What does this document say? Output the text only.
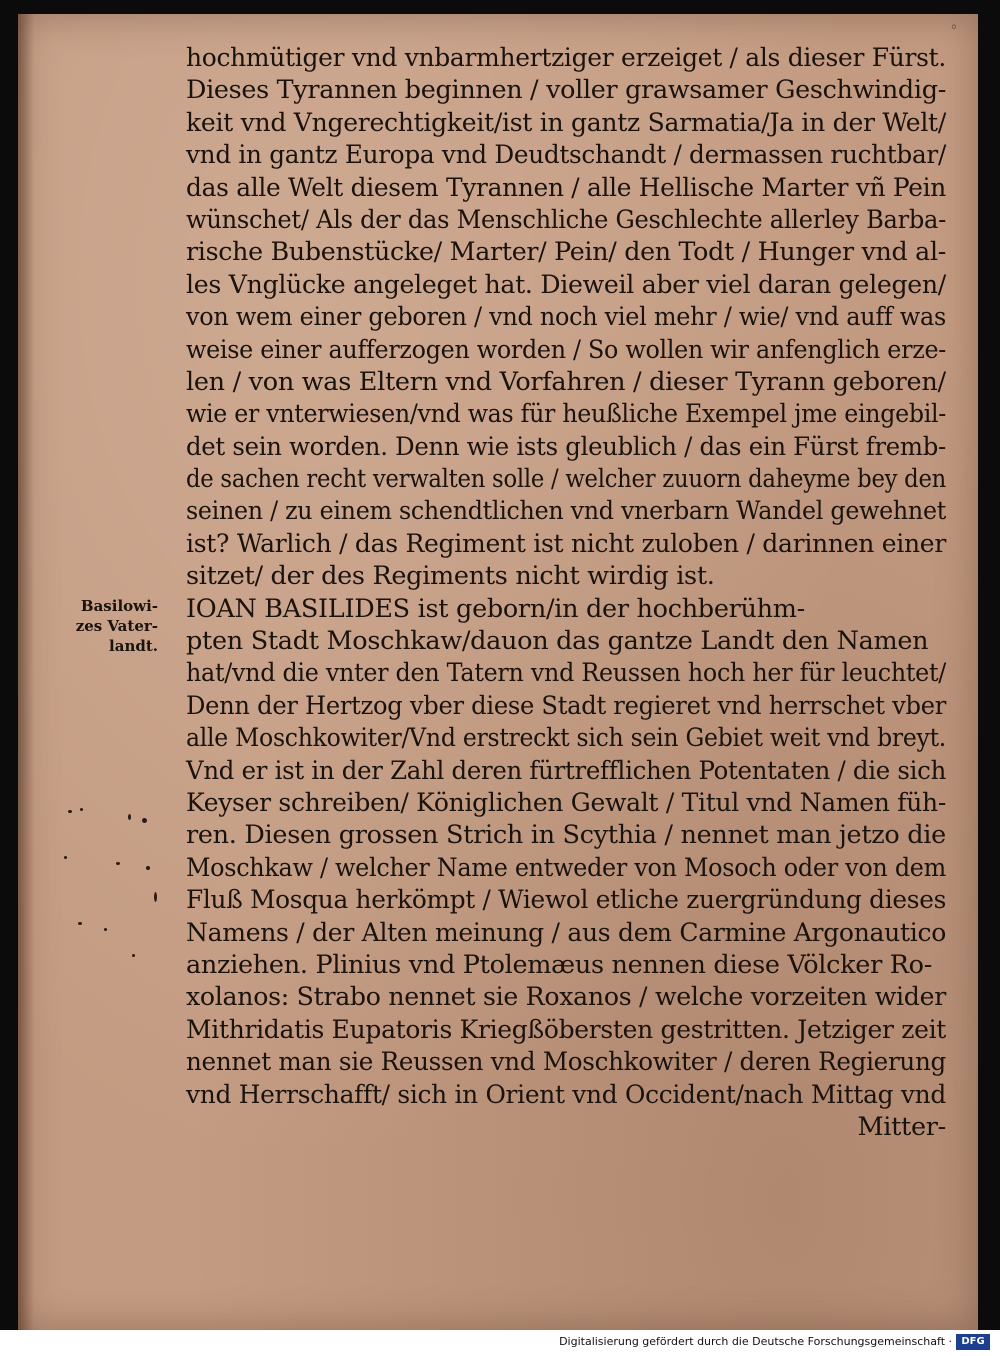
◦
Basilowi-
zes Vater-
landt.
hochmütiger vnd vnbarmhertziger erzeiget / als dieser Fürst.
Dieses Tyrannen beginnen / voller grawsamer Geschwindig-
keit vnd Vngerechtigkeit/ist in gantz Sarmatia/Ja in der Welt/
vnd in gantz Europa vnd Deudtschandt / dermassen ruchtbar/
das alle Welt diesem Tyrannen / alle Hellische Marter vñ Pein
wünschet/ Als der das Menschliche Geschlechte allerley Barba-
rische Bubenstücke/ Marter/ Pein/ den Todt / Hunger vnd al-
les Vnglücke angeleget hat. Dieweil aber viel daran gelegen/
von wem einer geboren / vnd noch viel mehr / wie/ vnd auff was
weise einer aufferzogen worden / So wollen wir anfenglich erze-
len / von was Eltern vnd Vorfahren / dieser Tyrann geboren/
wie er vnterwiesen/vnd was für heußliche Exempel jme eingebil-
det sein worden. Denn wie ists gleublich / das ein Fürst fremb-
de sachen recht verwalten solle / welcher zuuorn daheyme bey den
seinen / zu einem schendtlichen vnd vnerbarn Wandel gewehnet
ist? Warlich / das Regiment ist nicht zuloben / darinnen einer
sitzet/ der des Regiments nicht wirdig ist.
IOAN BASILIDES ist geborn/in der hochberühm-
pten Stadt Moschkaw/dauon das gantze Landt den Namen
hat/vnd die vnter den Tatern vnd Reussen hoch her für leuchtet/
Denn der Hertzog vber diese Stadt regieret vnd herrschet vber
alle Moschkowiter/Vnd erstreckt sich sein Gebiet weit vnd breyt.
Vnd er ist in der Zahl deren fürtrefflichen Potentaten / die sich
Keyser schreiben/ Königlichen Gewalt / Titul vnd Namen füh-
ren. Diesen grossen Strich in Scythia / nennet man jetzo die
Moschkaw / welcher Name entweder von Mosoch oder von dem
Fluß Mosqua herkömpt / Wiewol etliche zuergründung dieses
Namens / der Alten meinung / aus dem Carmine Argonautico
anziehen. Plinius vnd Ptolemæus nennen diese Völcker Ro-
xolanos: Strabo nennet sie Roxanos / welche vorzeiten wider
Mithridatis Eupatoris Kriegßöbersten gestritten. Jetziger zeit
nennet man sie Reussen vnd Moschkowiter / deren Regierung
vnd Herrschafft/ sich in Orient vnd Occident/nach Mittag vnd
Mitter-
Digitalisierung gefördert durch die Deutsche Forschungsgemeinschaft · DFG
